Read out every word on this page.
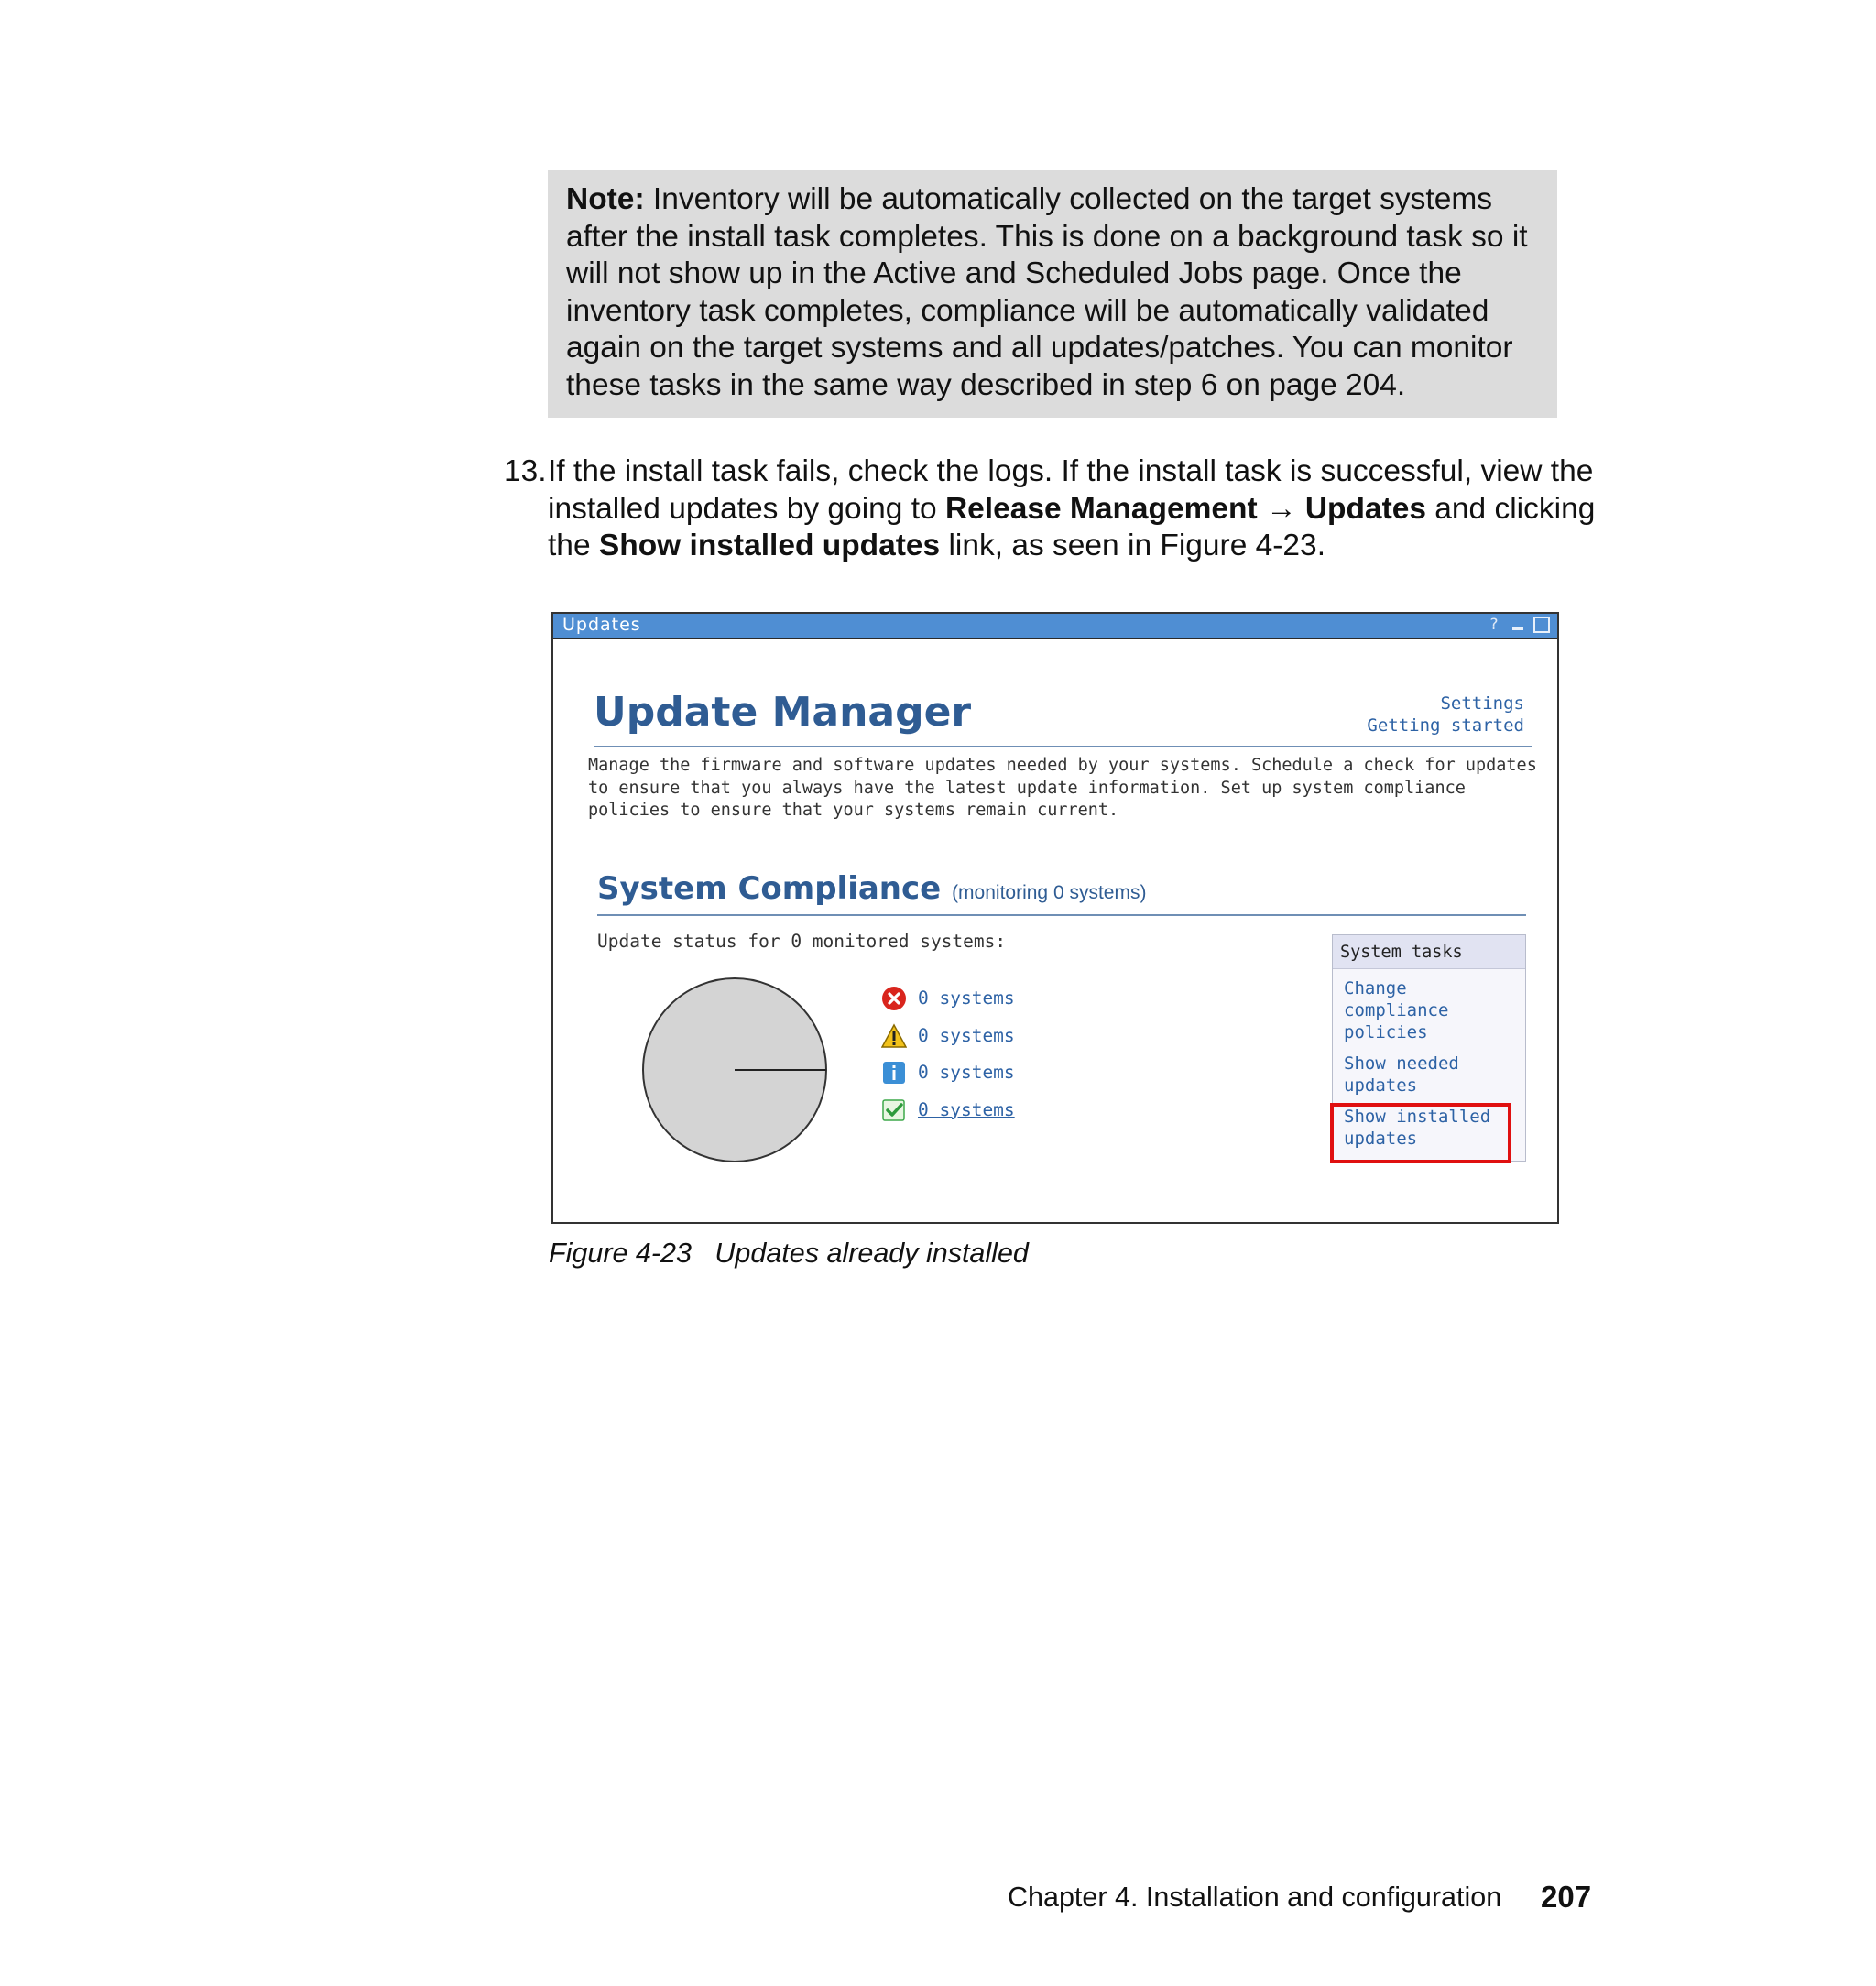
Note: Inventory will be automatically collected on the target systems after the install task completes. This is done on a background task so it will not show up in the Active and Scheduled Jobs page. Once the inventory task completes, compliance will be automatically validated again on the target systems and all updates/patches. You can monitor these tasks in the same way described in step 6 on page 204.
13. If the install task fails, check the logs. If the install task is successful, view the installed updates by going to Release Management → Updates and clicking the Show installed updates link, as seen in Figure 4-23.
Updates	?
Update Manager	Settings
Getting started
Manage the firmware and software updates needed by your systems. Schedule a check for updates to ensure that you always have the latest update information. Set up system compliance policies to ensure that your systems remain current.
System Compliance (monitoring 0 systems)
Update status for 0 monitored systems:
0 systems
0 systems
0 systems
0 systems
System tasks
Change compliance policies
Show needed updates
Show installed updates
Figure 4-23   Updates already installed
Chapter 4. Installation and configuration 207
